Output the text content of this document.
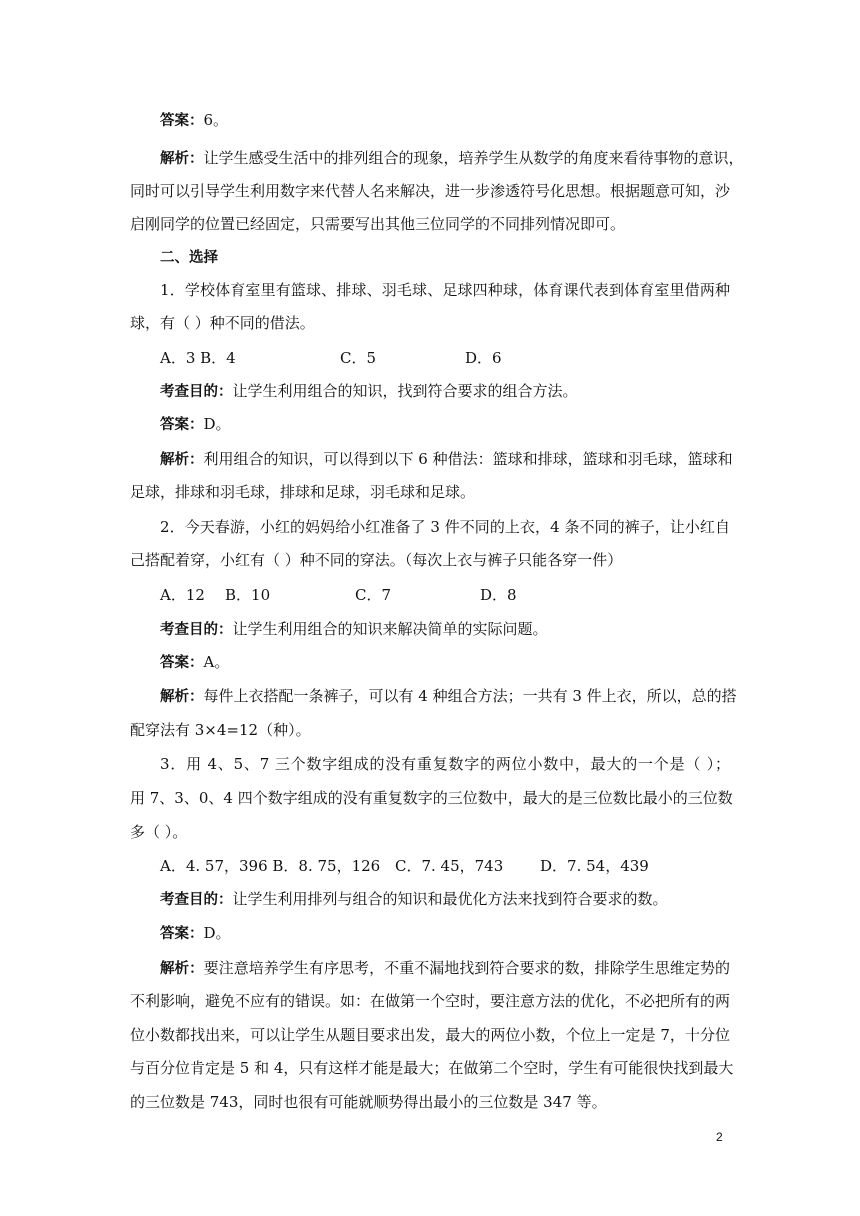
答案：6。
解析：让学生感受生活中的排列组合的现象，培养学生从数学的角度来看待事物的意识，
同时可以引导学生利用数字来代替人名来解决，进一步渗透符号化思想。根据题意可知，沙
启刚同学的位置已经固定，只需要写出其他三位同学的不同排列情况即可。
二、选择
1．学校体育室里有篮球、排球、羽毛球、足球四种球，体育课代表到体育室里借两种
球，有（ ）种不同的借法。
A．3 B．4	C．5	D．6
考查目的：让学生利用组合的知识，找到符合要求的组合方法。
答案：D。
解析：利用组合的知识，可以得到以下 6 种借法：篮球和排球，篮球和羽毛球，篮球和
足球，排球和羽毛球，排球和足球，羽毛球和足球。
2．今天春游，小红的妈妈给小红准备了 3 件不同的上衣，4 条不同的裤子，让小红自
己搭配着穿，小红有（ ）种不同的穿法。（每次上衣与裤子只能各穿一件）
A．12 B．10	C．7	D．8
考查目的：让学生利用组合的知识来解决简单的实际问题。
答案：A。
解析：每件上衣搭配一条裤子，可以有 4 种组合方法；一共有 3 件上衣，所以，总的搭
配穿法有 3×4=12（种）。
3．用 4、5、7 三个数字组成的没有重复数字的两位小数中，最大的一个是（ ）；
用 7、3、0、4 四个数字组成的没有重复数字的三位数中，最大的是三位数比最小的三位数
多（ ）。
A．4. 57，396 B．8. 75，126 C．7. 45，743 D．7. 54，439
考查目的：让学生利用排列与组合的知识和最优化方法来找到符合要求的数。
答案：D。
解析：要注意培养学生有序思考，不重不漏地找到符合要求的数，排除学生思维定势的
不利影响，避免不应有的错误。如：在做第一个空时，要注意方法的优化，不必把所有的两
位小数都找出来，可以让学生从题目要求出发，最大的两位小数，个位上一定是 7，十分位
与百分位肯定是 5 和 4，只有这样才能是最大；在做第二个空时，学生有可能很快找到最大
的三位数是 743，同时也很有可能就顺势得出最小的三位数是 347 等。
2
